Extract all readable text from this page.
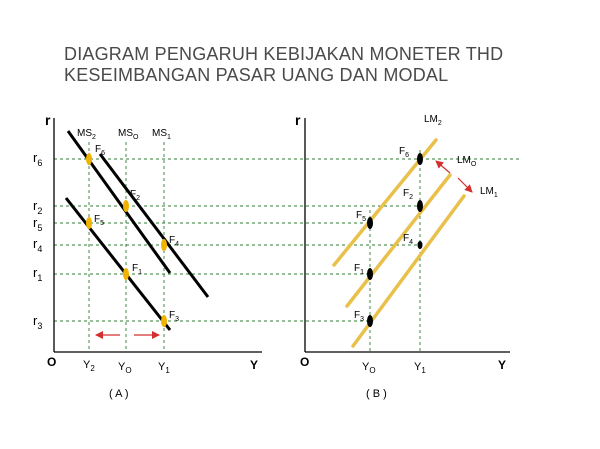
DIAGRAM PENGARUH KEBIJAKAN MONETER THD
KESEIMBANGAN PASAR UANG DAN MODAL
$F_6$
$F_2$
$F_5$
$F_4$
$F_1$
$F_3$
$MS_2$ $MS_O$ $MS_1$
$r_6$
$r_2$
$r_5$
$r_4$
$r_1$
$r_3$
r
O	Y
$Y_2$ $Y_O$ $Y_1$
( A )
$F_6$
$F_2$
$F_5$
$F_4$
$F_1$
$F_3$
$LM_2$
$LM_O$
$LM_1$
r
O	Y
$Y_O$	$Y_1$
( B )
